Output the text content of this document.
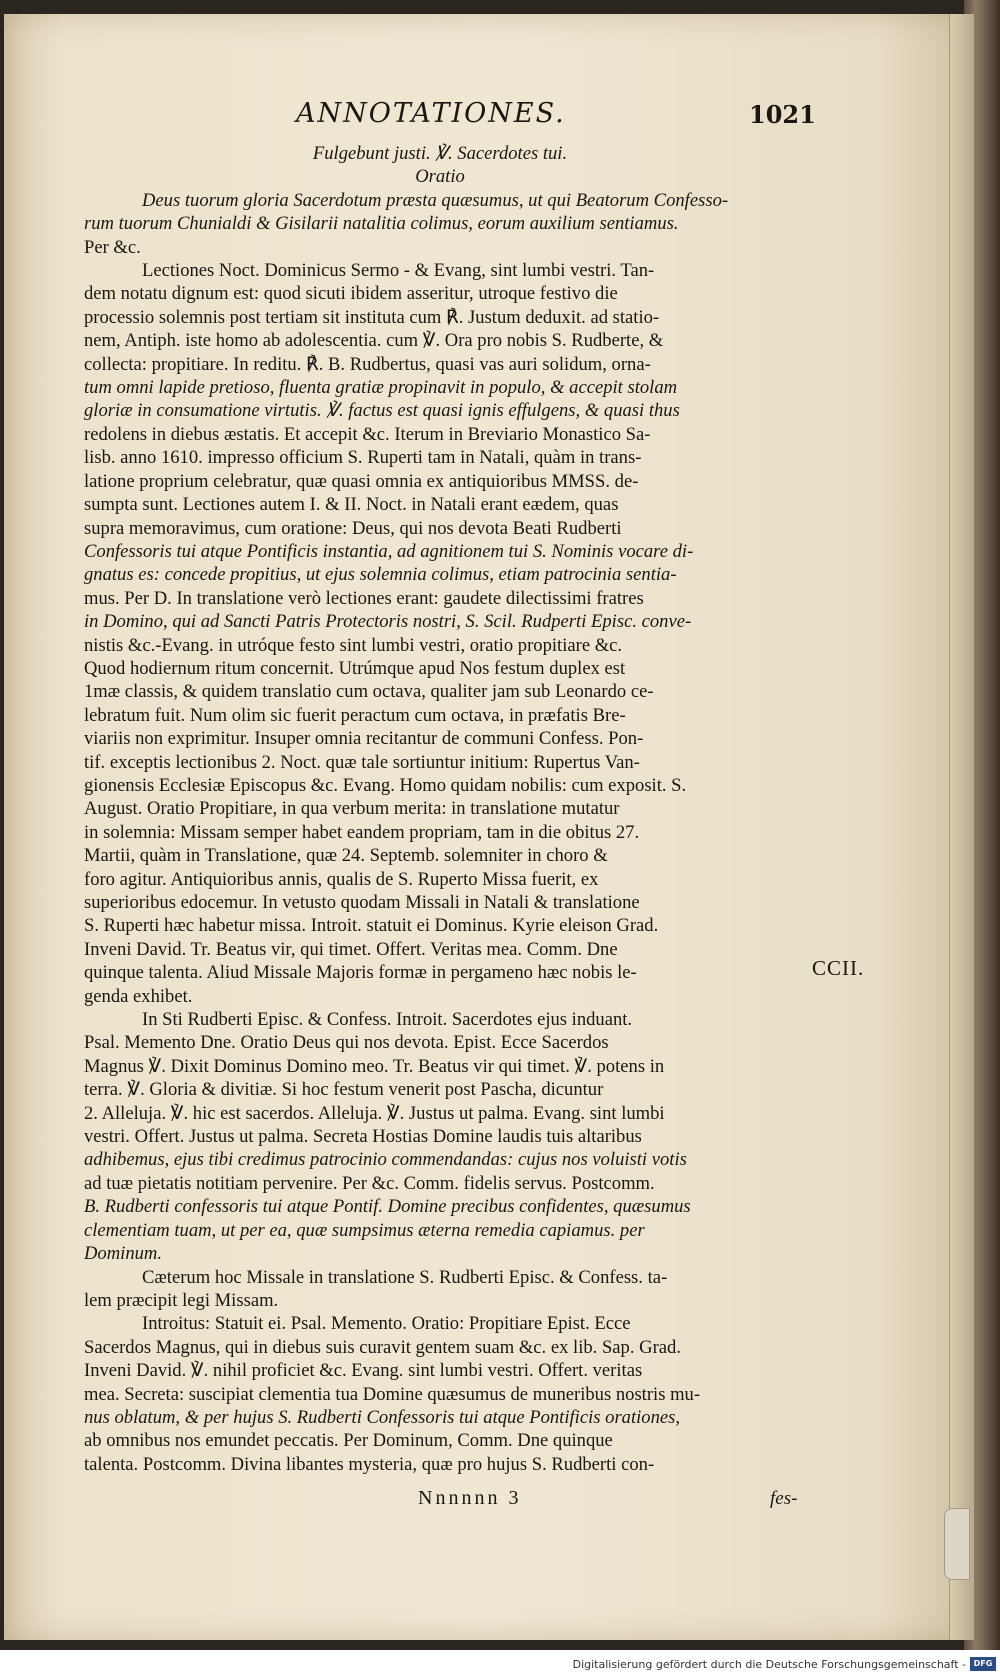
ANNOTATIONES.	1021
Fulgebunt justi. ℣. Sacerdotes tui.
Oratio
Deus tuorum gloria Sacerdotum præsta quæsumus, ut qui Beatorum Confesso-
rum tuorum Chunialdi & Gisilarii natalitia colimus, eorum auxilium sentiamus.
Per &c.
Lectiones Noct. Dominicus Sermo - & Evang, sint lumbi vestri. Tan-
dem notatu dignum est: quod sicuti ibidem asseritur, utroque festivo die
processio solemnis post tertiam sit instituta cum ℟. Justum deduxit. ad statio-
nem, Antiph. iste homo ab adolescentia. cum ℣. Ora pro nobis S. Rudberte, &
collecta: propitiare. In reditu. ℟. B. Rudbertus, quasi vas auri solidum, orna-
tum omni lapide pretioso, fluenta gratiæ propinavit in populo, & accepit stolam
gloriæ in consumatione virtutis. ℣. factus est quasi ignis effulgens, & quasi thus
redolens in diebus æstatis. Et accepit &c. Iterum in Breviario Monastico Sa-
lisb. anno 1610. impresso officium S. Ruperti tam in Natali, quàm in trans-
latione proprium celebratur, quæ quasi omnia ex antiquioribus MMSS. de-
sumpta sunt. Lectiones autem I. & II. Noct. in Natali erant eædem, quas
supra memoravimus, cum oratione: Deus, qui nos devota Beati Rudberti
Confessoris tui atque Pontificis instantia, ad agnitionem tui S. Nominis vocare di-
gnatus es: concede propitius, ut ejus solemnia colimus, etiam patrocinia sentia-
mus. Per D. In translatione verò lectiones erant: gaudete dilectissimi fratres
in Domino, qui ad Sancti Patris Protectoris nostri, S. Scil. Rudperti Episc. conve-
nistis &c.-Evang. in utróque festo sint lumbi vestri, oratio propitiare &c.
Quod hodiernum ritum concernit. Utrúmque apud Nos festum duplex est
1mæ classis, & quidem translatio cum octava, qualiter jam sub Leonardo ce-
lebratum fuit. Num olim sic fuerit peractum cum octava, in præfatis Bre-
viariis non exprimitur. Insuper omnia recitantur de communi Confess. Pon-
tif. exceptis lectionibus 2. Noct. quæ tale sortiuntur initium: Rupertus Van-
gionensis Ecclesiæ Episcopus &c. Evang. Homo quidam nobilis: cum exposit. S.
August. Oratio Propitiare, in qua verbum merita: in translatione mutatur
in solemnia: Missam semper habet eandem propriam, tam in die obitus 27.
Martii, quàm in Translatione, quæ 24. Septemb. solemniter in choro &
foro agitur. Antiquioribus annis, qualis de S. Ruperto Missa fuerit, ex
superioribus edocemur. In vetusto quodam Missali in Natali & translatione
S. Ruperti hæc habetur missa. Introit. statuit ei Dominus. Kyrie eleison Grad.
Inveni David. Tr. Beatus vir, qui timet. Offert. Veritas mea. Comm. Dne
quinque talenta. Aliud Missale Majoris formæ in pergameno hæc nobis le-
genda exhibet.
In Sti Rudberti Episc. & Confess. Introit. Sacerdotes ejus induant.
Psal. Memento Dne. Oratio Deus qui nos devota. Epist. Ecce Sacerdos
Magnus ℣. Dixit Dominus Domino meo. Tr. Beatus vir qui timet. ℣. potens in
terra. ℣. Gloria & divitiæ. Si hoc festum venerit post Pascha, dicuntur
2. Alleluja. ℣. hic est sacerdos. Alleluja. ℣. Justus ut palma. Evang. sint lumbi
vestri. Offert. Justus ut palma. Secreta Hostias Domine laudis tuis altaribus
adhibemus, ejus tibi credimus patrocinio commendandas: cujus nos voluisti votis
ad tuæ pietatis notitiam pervenire. Per &c. Comm. fidelis servus. Postcomm.
B. Rudberti confessoris tui atque Pontif. Domine precibus confidentes, quæsumus
clementiam tuam, ut per ea, quæ sumpsimus æterna remedia capiamus. per
Dominum.
Cæterum hoc Missale in translatione S. Rudberti Episc. & Confess. ta-
lem præcipit legi Missam.
Introitus: Statuit ei. Psal. Memento. Oratio: Propitiare Epist. Ecce
Sacerdos Magnus, qui in diebus suis curavit gentem suam &c. ex lib. Sap. Grad.
Inveni David. ℣. nihil proficiet &c. Evang. sint lumbi vestri. Offert. veritas
mea. Secreta: suscipiat clementia tua Domine quæsumus de muneribus nostris mu-
nus oblatum, & per hujus S. Rudberti Confessoris tui atque Pontificis orationes,
ab omnibus nos emundet peccatis. Per Dominum, Comm. Dne quinque
talenta. Postcomm. Divina libantes mysteria, quæ pro hujus S. Rudberti con-
CCII.
Nnnnnn 3	fes-
Digitalisierung gefördert durch die Deutsche Forschungsgemeinschaft - DFG
